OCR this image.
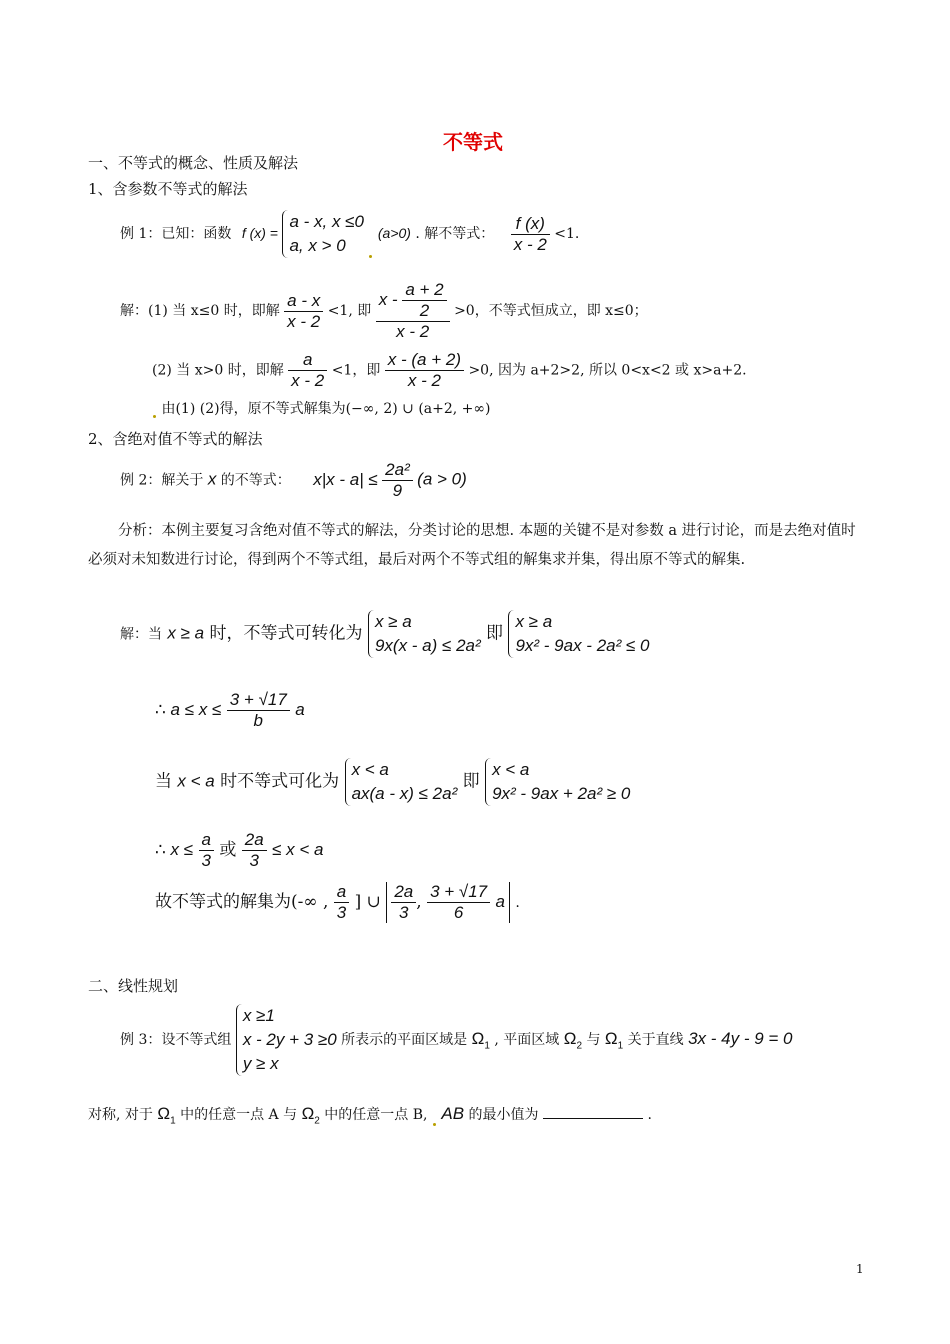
不等式
一、不等式的概念、性质及解法
1、含参数不等式的解法
例 1：已知：函数 f (x) =
a - x, x ≤0
a, x > 0
(a>0) . 解不等式： $\frac{f (x)}{x - 2} <1$.
解：(1) 当 x≤0 时，即解 $\frac{a - x}{x - 2} <1$, 即 $\frac{x - \frac{a + 2}{2}}{x - 2} >0$，不等式恒成立，即 x≤0；
(2) 当 x>0 时，即解 $\frac{a}{x - 2} <1$，即 $\frac{x - (a + 2)}{x - 2} >0$, 因为 a+2>2, 所以 0<x<2 或 x>a+2.
由(1) (2)得，原不等式解集为(−∞, 2) ∪ (a+2, +∞)
2、含绝对值不等式的解法
例 2：解关于 x 的不等式： $x|x - a| \le \frac{\text{2a²}}{9} (a > 0)$
分析：本例主要复习含绝对值不等式的解法，分类讨论的思想. 本题的关键不是对参数 a 进行讨论，而是去绝对值时必须对未知数进行讨论，得到两个不等式组，最后对两个不等式组的解集求并集，得出原不等式的解集.
解：当 x ≥ a 时，不等式可转化为
x ≥ a
9x(x - a) ≤ 2a²
即
x ≥ a
9x² - 9ax - 2a² ≤ 0
∴ $a \le x \le \frac{3 + √17}{b}$ a
当 x < a 时不等式可化为
x < a
ax(a - x) ≤ 2a²
即
x < a
9x² - 9ax + 2a² ≥ 0
∴ $x \le \frac{a}{3}$ 或 $\frac{2a}{3} \le x < a$
故不等式的解集为(-∞ , $\frac{a}{3}$ ] ∪ $\frac{2a}{3}$ , $\frac{3 + √17}{6}$ a .
二、线性规划
例 3：设不等式组
x ≥1
x - 2y + 3 ≥0
y ≥ x
所表示的平面区域是 $\Omega_1$ , 平面区域 $\Omega_2$ 与 $\Omega_1$ 关于直线 3x - 4y - 9 = 0
对称, 对于 $\Omega_1$ 中的任意一点 A 与 $\Omega_2$ 中的任意一点 B, AB 的最小值为	.
1
